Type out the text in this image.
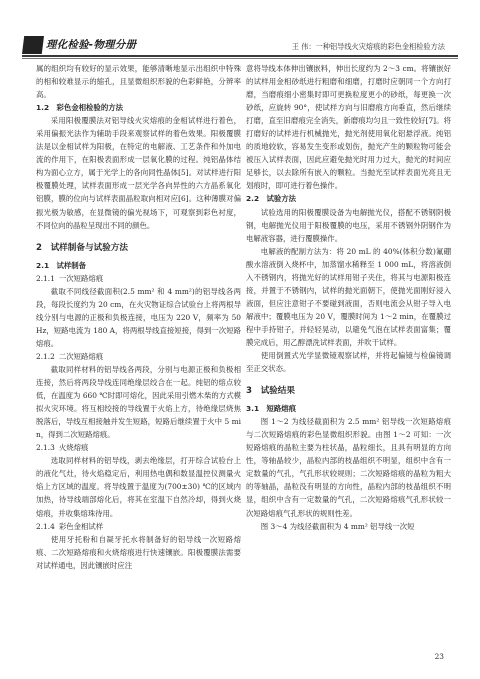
理化检验-物理分册	王 伟：一种铝导线火灾熔痕的彩色金相检验方法

属的组织均有较好的显示效果，能够清晰地显示出组织中特殊的相和较难显示的缩孔，且显微组织形貌的色彩鲜艳，分辨率高。

1.2　彩色金相检验的方法

采用阳极覆膜法对铝导线火灾熔痕的金相试样进行着色，采用偏振光法作为辅助手段来观察试样的着色效果。阳极覆膜法是以金相试样为阳极，在特定的电解液、工艺条件和外加电流的作用下，在阳极表面形成一层氧化膜的过程。纯铝晶体结构为面心立方，属于光学上的各向同性晶体[5]。对试样进行阳极覆膜处理，试样表面形成一层光学各向异性的六方晶系氧化铝膜，膜的位向与试样表面晶粒取向相对应[6]。这种薄膜对偏振光极为敏感，在显微镜的偏光视场下，可观察到彩色衬度，不同位向的晶粒呈现出不同的颜色。

2　试样制备与试验方法
2.1　试样制备
2.1.1 一次短路熔痕

截取不同线径截面积(2.5 mm² 和 4 mm²)的铝导线各两段，每段长度约为 20 cm，在火灾物证综合试验台上将两根导线分别与电源的正极和负极连接，电压为 220 V，频率为 50 Hz，短路电流为 180 A，将两根导线直接短接，得到一次短路熔痕。

2.1.2 二次短路熔痕

截取同样材料的铝导线各两段，分别与电源正极和负极相连接，然后将两段导线连同绝缘层绞合在一起。纯铝的熔点较低，在温度为 660 ℃时即可熔化，因此采用引燃木柴的方式模拟火灾环境。将互相绞接的导线置于火焰上方，待绝缘层烧焦脱落后，导线互相接触并发生短路，短路后继续置于火中 5 min，得到二次短路熔痕。

2.1.3 火烧熔痕

选取同样材料的铝导线，剥去绝缘层，打开综合试验台上的液化气灶，待火焰稳定后，利用热电偶和数显温控仪测量火焰上方区域的温度。将导线置于温度为(700±30) ℃的区域内加热，待导线端部熔化后，将其在室温下自然冷却，得到火烧熔痕，并收集熔珠待用。

2.1.4 彩色金相试样

使用牙托粉和自凝牙托水将制备好的铝导线一次短路熔痕、二次短路熔痕和火烧熔痕进行快速镶嵌。阳极覆膜法需要对试样通电，因此镶嵌时应注

意将导线本体伸出镶嵌料，伸出长度约为 2～3 cm。将镶嵌好的试样用金相砂纸进行粗磨和细磨，打磨时应朝同一个方向打磨，当磨痕细小密集时即可更换粒度更小的砂纸，每更换一次砂纸，应旋转 90°，使试样方向与旧磨痕方向垂直，然后继续打磨，直至旧磨痕完全消失，新磨痕均匀且一致性较好[7]。将打磨好的试样进行机械抛光，抛光剂使用氧化铝悬浮液。纯铝的质地较软，容易发生变形或划伤，抛光产生的颗粒物可能会被压入试样表面，因此应避免抛光时用力过大，抛光的时间应足够长，以去除所有嵌入的颗粒。当抛光至试样表面光亮且无划痕时，即可进行着色操作。

2.2　试验方法

试验选用的阳极覆膜设备为电解抛光仪，搭配不锈钢阴极钢，电解抛光仪用于阳极覆膜的电压，采用不锈钢外阴钢作为电解液容器，进行覆膜操作。

电解液的配制方法为：将 20 mL 的 40%(体积分数)氟硼酸水溶液倒入烧杯中，加蒸馏水稀释至 1 000 mL，将溶液倒入不锈钢内，将抛光好的试样用钳子夹住，将其与电源阳极连接，并置于不锈钢内，试样的抛光面朝下，使抛光面刚好浸入液面，但应注意钳子不要碰到液面，否则电流会从钳子导入电解液中；覆膜电压为 20 V，覆膜时间为 1～2 min，在覆膜过程中手持钳子，并轻轻晃动，以避免气泡在试样表面富集；覆膜完成后，用乙醇漂洗试样表面，并吹干试样。

使用倒置式光学显微镜观察试样，并将起偏镜与检偏镜调至正交状态。

3　试验结果
3.1　短路熔痕

图 1～2 为线径截面积为 2.5 mm² 铝导线一次短路熔痕与二次短路熔痕的彩色显微组织形貌。由图 1～2 可知：一次短路熔痕的晶粒主要为柱状晶，晶粒细长，且具有明显的方向性，等轴晶较少，晶粒内部的枝晶组织不明显，组织中含有一定数量的气孔，气孔形状较规则；二次短路熔痕的晶粒为粗大的等轴晶，晶粒没有明显的方向性，晶粒内部的枝晶组织不明显，组织中含有一定数量的气孔，二次短路熔痕气孔形状较一次短路熔痕气孔形状的规则性差。

图 3～4 为线径截面积为 4 mm² 铝导线一次短

23
